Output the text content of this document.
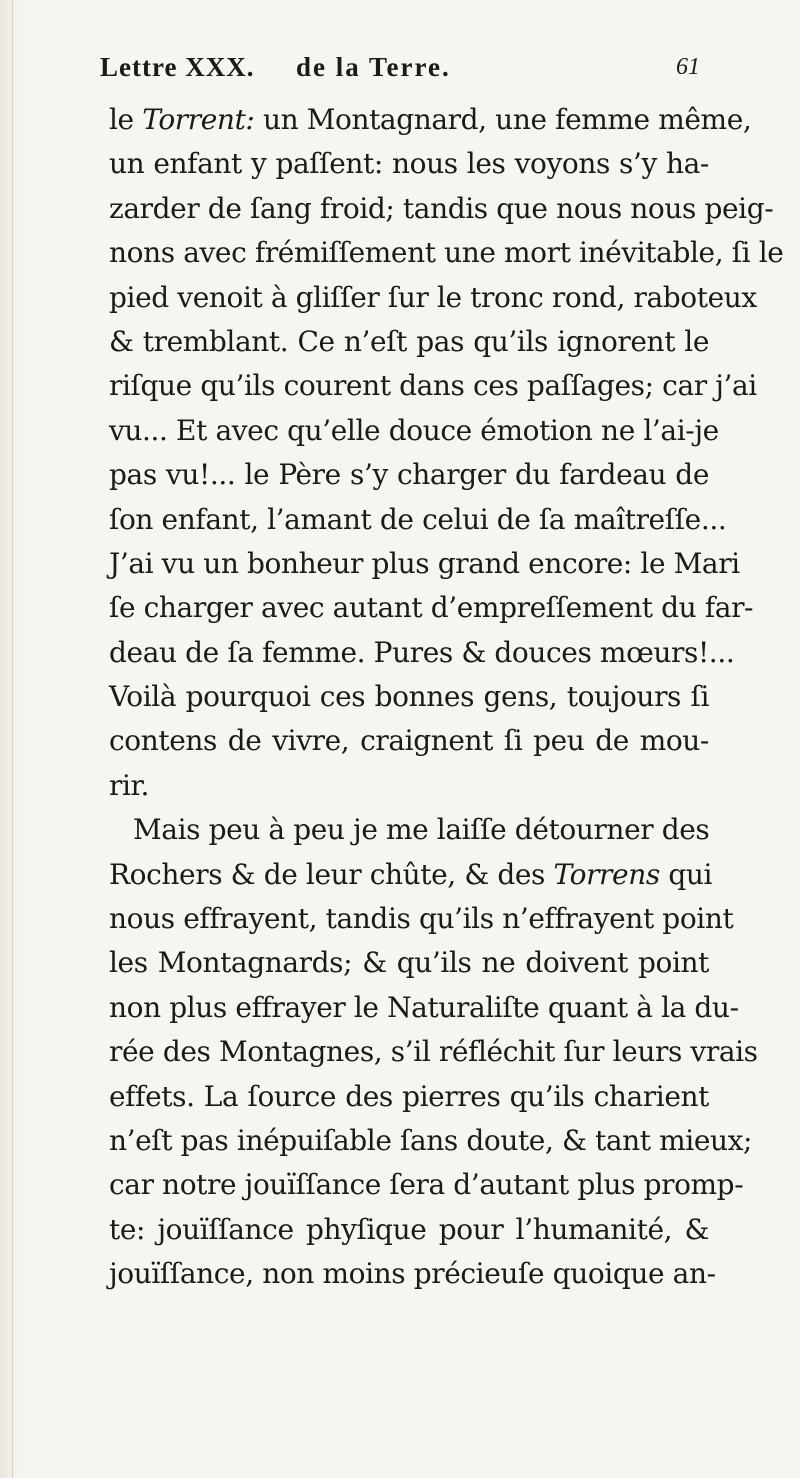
Lettre XXX. de la Terre.	61
le Torrent: un Montagnard, une femme même,
un enfant y paſſent: nous les voyons s’y ha-
zarder de ſang froid; tandis que nous nous peig-
nons avec frémiſſement une mort inévitable, ſi le
pied venoit à gliſſer ſur le tronc rond, raboteux
& tremblant. Ce n’eſt pas qu’ils ignorent le
riſque qu’ils courent dans ces paſſages; car j’ai
vu... Et avec qu’elle douce émotion ne l’ai-je
pas vu!... le Père s’y charger du fardeau de
ſon enfant, l’amant de celui de ſa maîtreſſe...
J’ai vu un bonheur plus grand encore: le Mari
ſe charger avec autant d’empreſſement du far-
deau de ſa femme. Pures & douces mœurs!...
Voilà pourquoi ces bonnes gens, toujours ſi
contens de vivre, craignent ſi peu de mou-
rir.
Mais peu à peu je me laiſſe détourner des
Rochers & de leur chûte, & des Torrens qui
nous effrayent, tandis qu’ils n’effrayent point
les Montagnards; & qu’ils ne doivent point
non plus effrayer le Naturaliſte quant à la du-
rée des Montagnes, s’il réfléchit ſur leurs vrais
effets. La ſource des pierres qu’ils charient
n’eſt pas inépuiſable ſans doute, & tant mieux;
car notre jouïſſance ſera d’autant plus promp-
te: jouïſſance phyſique pour l’humanité, &
jouïſſance, non moins précieuſe quoique an-
